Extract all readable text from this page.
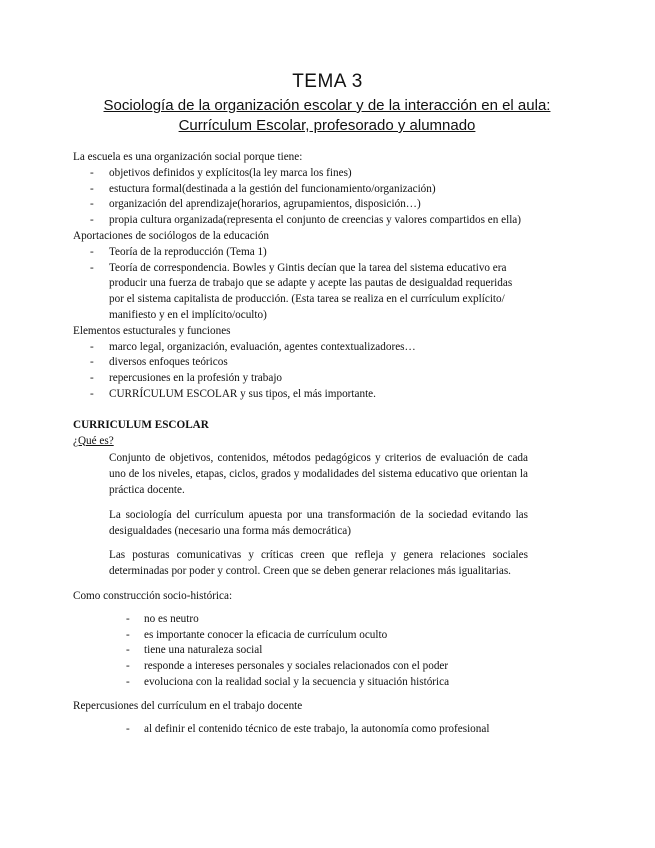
TEMA 3
Sociología de la organización escolar y de la interacción en el aula:
Currículum Escolar, profesorado y alumnado

La escuela es una organización social porque tiene:

- objetivos definidos y explícitos(la ley marca los fines)
- estuctura formal(destinada a la gestión del funcionamiento/organización)
- organización del aprendizaje(horarios, agrupamientos, disposición…)
- propia cultura organizada(representa el conjunto de creencias y valores compartidos en ella)

Aportaciones de sociólogos de la educación

- Teoría de la reproducción (Tema 1)
- Teoría de correspondencia. Bowles y Gintis decían que la tarea del sistema educativo era producir una fuerza de trabajo que se adapte y acepte las pautas de desigualdad requeridas por el sistema capitalista de producción. (Esta tarea se realiza en el currículum explícito/ manifiesto y en el implícito/oculto)

Elementos estucturales y funciones

- marco legal, organización, evaluación, agentes contextualizadores…
- diversos enfoques teóricos
- repercusiones en la profesión y trabajo
- CURRÍCULUM ESCOLAR y sus tipos, el más importante.

CURRICULUM ESCOLAR

¿Qué es?

Conjunto de objetivos, contenidos, métodos pedagógicos y criterios de evaluación de cada uno de los niveles, etapas, ciclos, grados y modalidades del sistema educativo que orientan la práctica docente.

La sociología del currículum apuesta por una transformación de la sociedad evitando las desigualdades (necesario una forma más democrática)

Las posturas comunicativas y críticas creen que refleja y genera relaciones sociales determinadas por poder y control. Creen que se deben generar relaciones más igualitarias.

Como construcción socio-histórica:

- no es neutro
- es importante conocer la eficacia de currículum oculto
- tiene una naturaleza social
- responde a intereses personales y sociales relacionados con el poder
- evoluciona con la realidad social y la secuencia y situación histórica

Repercusiones del currículum en el trabajo docente

- al definir el contenido técnico de este trabajo, la autonomía como profesional
